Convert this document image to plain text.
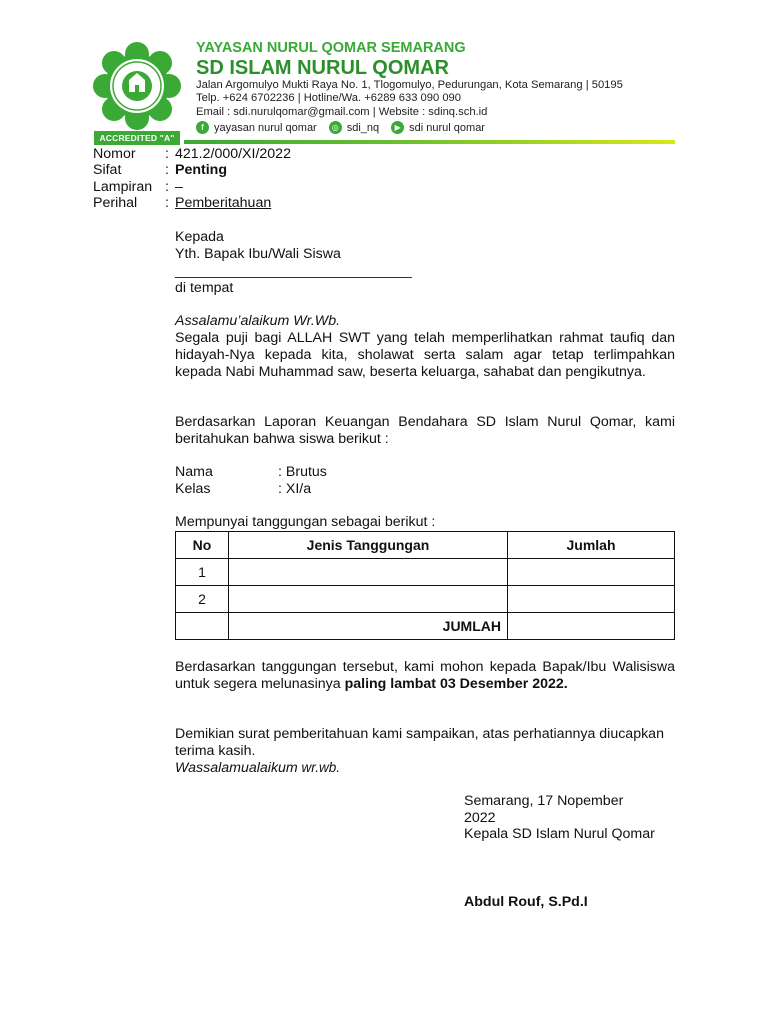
ACCREDITED "A"
YAYASAN NURUL QOMAR SEMARANG
SD ISLAM NURUL QOMAR
Jalan Argomulyo Mukti Raya No. 1, Tlogomulyo, Pedurungan, Kota Semarang | 50195
Telp. +624 6702236 | Hotline/Wa. +6289 633 090 090
Email : sdi.nurulqomar@gmail.com | Website : sdinq.sch.id
f yayasan nurul qomar	◎ sdi_nq	▶ sdi nurul qomar
Nomor : 421.2/000/XI/2022
Sifat	: Penting
Lampiran : –
Perihal : Pemberitahuan
Kepada
Yth. Bapak Ibu/Wali Siswa
______________________________
di tempat
Assalamu’alaikum Wr.Wb.
Segala puji bagi ALLAH SWT yang telah memperlihatkan rahmat taufiq dan hidayah-Nya kepada kita, sholawat serta salam agar tetap terlimpahkan kepada Nabi Muhammad saw, beserta keluarga, sahabat dan pengikutnya.
Berdasarkan Laporan Keuangan Bendahara SD Islam Nurul Qomar, kami beritahukan bahwa siswa berikut :
Nama	: Brutus
Kelas	: XI/a
Mempunyai tanggungan sebagai berikut :
No	Jenis Tanggungan	Jumlah
1		
2		
	JUMLAH	
Berdasarkan tanggungan tersebut, kami mohon kepada Bapak/Ibu Walisiswa untuk segera melunasinya paling lambat 03 Desember 2022.
Demikian surat pemberitahuan kami sampaikan, atas perhatiannya diucapkan terima kasih.
Wassalamualaikum wr.wb.
Semarang, 17 Nopember
2022
Kepala SD Islam Nurul Qomar
Abdul Rouf, S.Pd.I
